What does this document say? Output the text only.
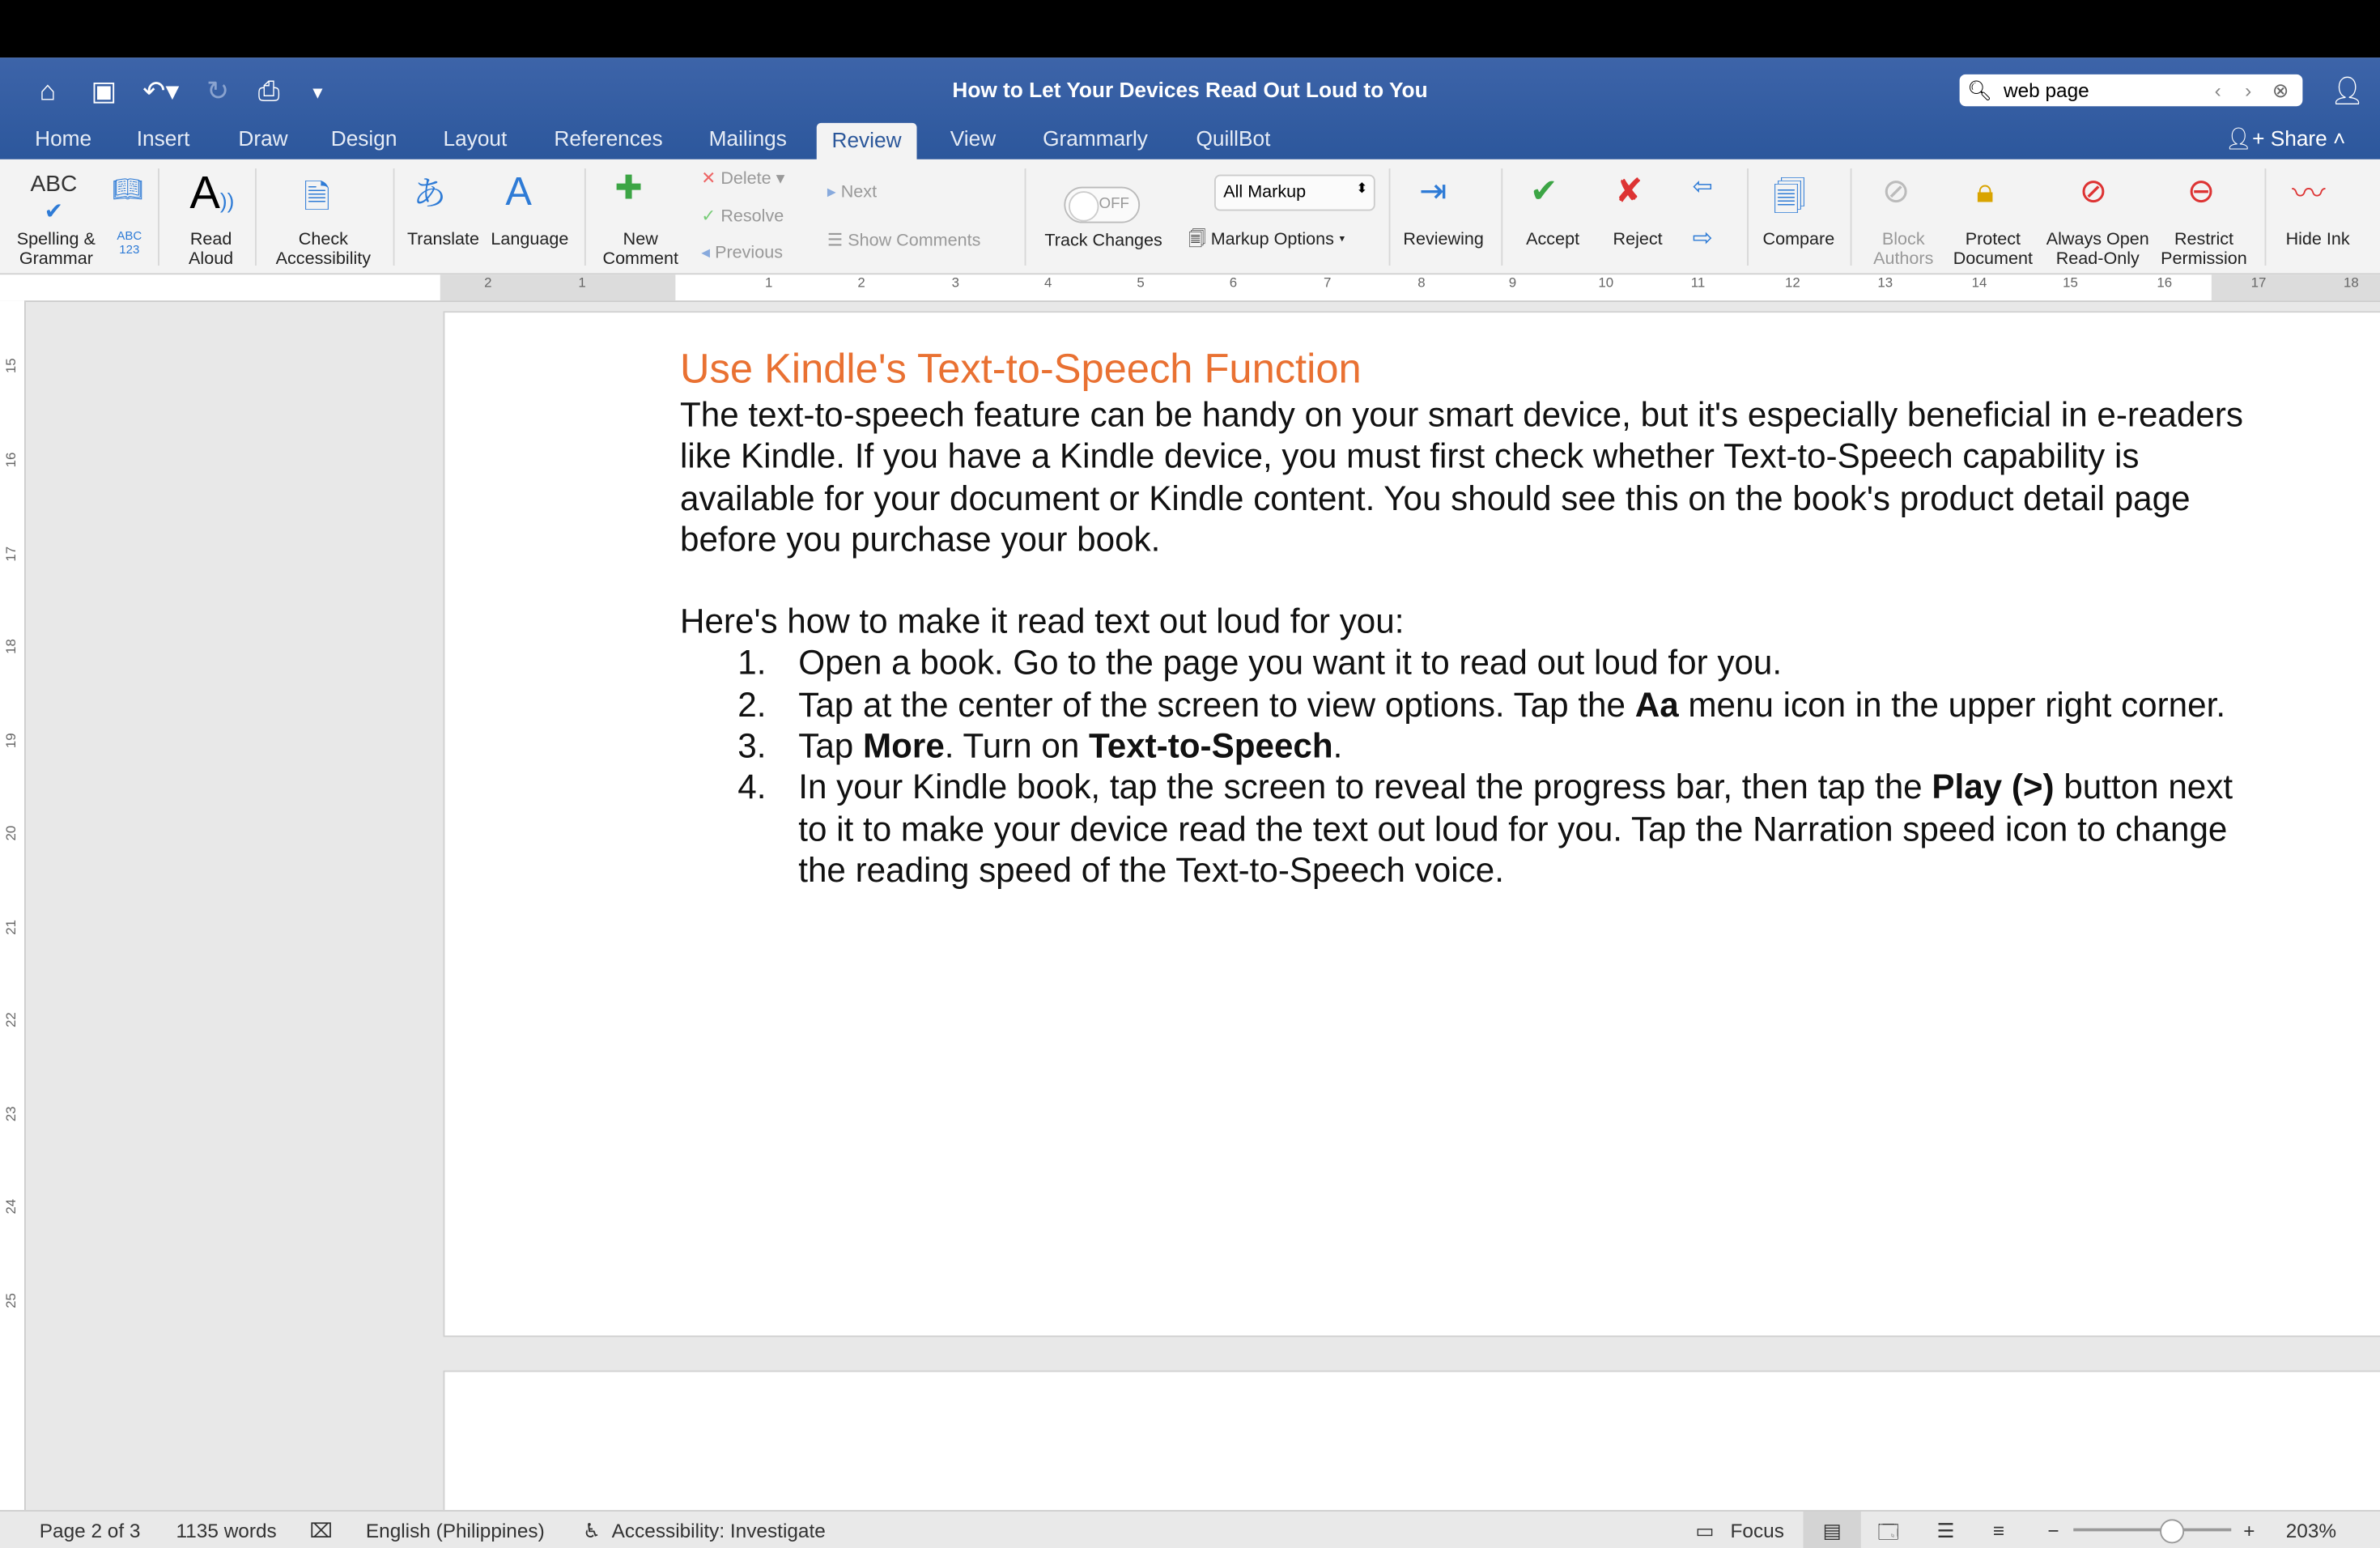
⌂ ▣ ↶▾ ↻ ⎙	▾	How to Let Your Devices Read Out Loud to You	🔍︎ web page	‹ › ⊗	👤︎
Home	Insert	Draw	Design	Layout	References	Mailings	Review	View	Grammarly	QuillBot	👤︎+ Share ˄
ABC
✔
Spelling &
Grammar
📖︎
ABC
123
A))
Read
Aloud
🗎
Check
Accessibility
あ
Translate
A
Language
✚
New
Comment
✕ Delete ▾
✓ Resolve
◂ Previous
▸ Next
☰ Show Comments
OFF
Track Changes
All Markup	⬍
🗐 Markup Options ▾
⇥
Reviewing
✔
Accept
✘
Reject
⇦
⇨
🗐
Compare
⊘
Block
Authors
🔒︎
Protect
Document
⊘
Always Open
Read-Only
⊖
Restrict
Permission
〰
Hide Ink
2	1	1	2	3	4	5	6	7	8	9	10	11	12	13	14	15	16	17	18
15
16
17
18
19
20
21
22
23
24
25
Use Kindle's Text-to-Speech Function
The text-to-speech feature can be handy on your smart device, but it's especially beneficial in e-readers like Kindle. If you have a Kindle device, you must first check whether Text-to-Speech capability is available for your document or Kindle content. You should see this on the book's product detail page before you purchase your book.
Here's how to make it read text out loud for you:
1. Open a book. Go to the page you want it to read out loud for you.
2. Tap at the center of the screen to view options. Tap the Aa menu icon in the upper right corner.
3. Tap More. Turn on Text-to-Speech.
4. In your Kindle book, tap the screen to reveal the progress bar, then tap the Play (>) button next to it to make your device read the text out loud for you. Tap the Narration speed icon to change the reading speed of the Text-to-Speech voice.
Page 2 of 3	1135 words	⌧	English (Philippines)	♿︎ Accessibility: Investigate	▭ Focus	▤	🗔	☰	≡	−	+	203%
